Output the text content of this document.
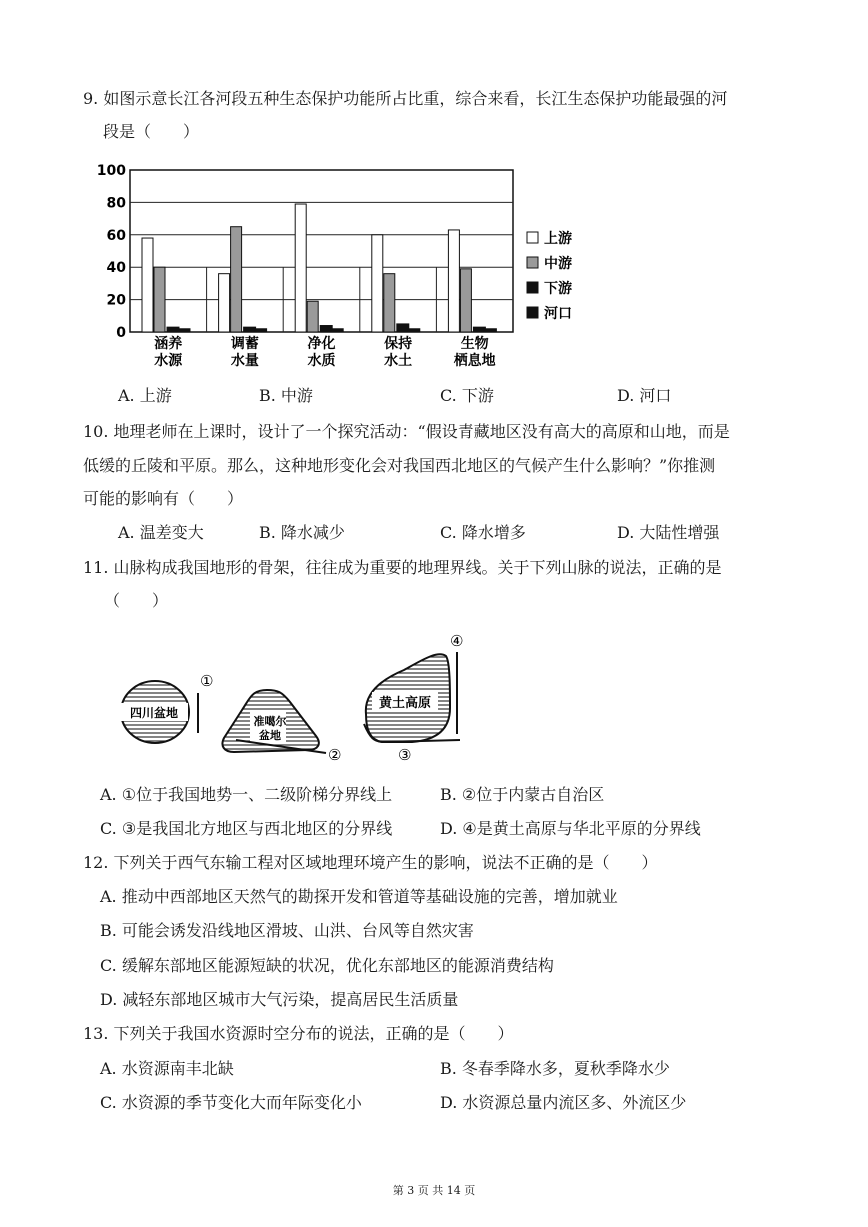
9. 如图示意长江各河段五种生态保护功能所占比重，综合来看，长江生态保护功能最强的河
段是（　　）
100
80
60
40
20
0
涵养
水源
调蓄
水量
净化
水质
保持
水土
生物
栖息地
上游
中游
下游
河口
A. 上游	B. 中游	C. 下游	D. 河口
10. 地理老师在上课时，设计了一个探究活动：“假设青藏地区没有高大的高原和山地，而是
低缓的丘陵和平原。那么，这种地形变化会对我国西北地区的气候产生什么影响？”你推测
可能的影响有（　　）
A. 温差变大	B. 降水减少	C. 降水增多	D. 大陆性增强
11. 山脉构成我国地形的骨架，往往成为重要的地理界线。关于下列山脉的说法，正确的是
（　　）
四川盆地
①
准噶尔
盆地
②
黄土高原
④
③
A. ①位于我国地势一、二级阶梯分界线上	B. ②位于内蒙古自治区
C. ③是我国北方地区与西北地区的分界线	D. ④是黄土高原与华北平原的分界线
12. 下列关于西气东输工程对区域地理环境产生的影响，说法不正确的是（　　）
A. 推动中西部地区天然气的勘探开发和管道等基础设施的完善，增加就业
B. 可能会诱发沿线地区滑坡、山洪、台风等自然灾害
C. 缓解东部地区能源短缺的状况，优化东部地区的能源消费结构
D. 减轻东部地区城市大气污染，提高居民生活质量
13. 下列关于我国水资源时空分布的说法，正确的是（　　）
A. 水资源南丰北缺	B. 冬春季降水多，夏秋季降水少
C. 水资源的季节变化大而年际变化小	D. 水资源总量内流区多、外流区少
第 3 页 共 14 页
